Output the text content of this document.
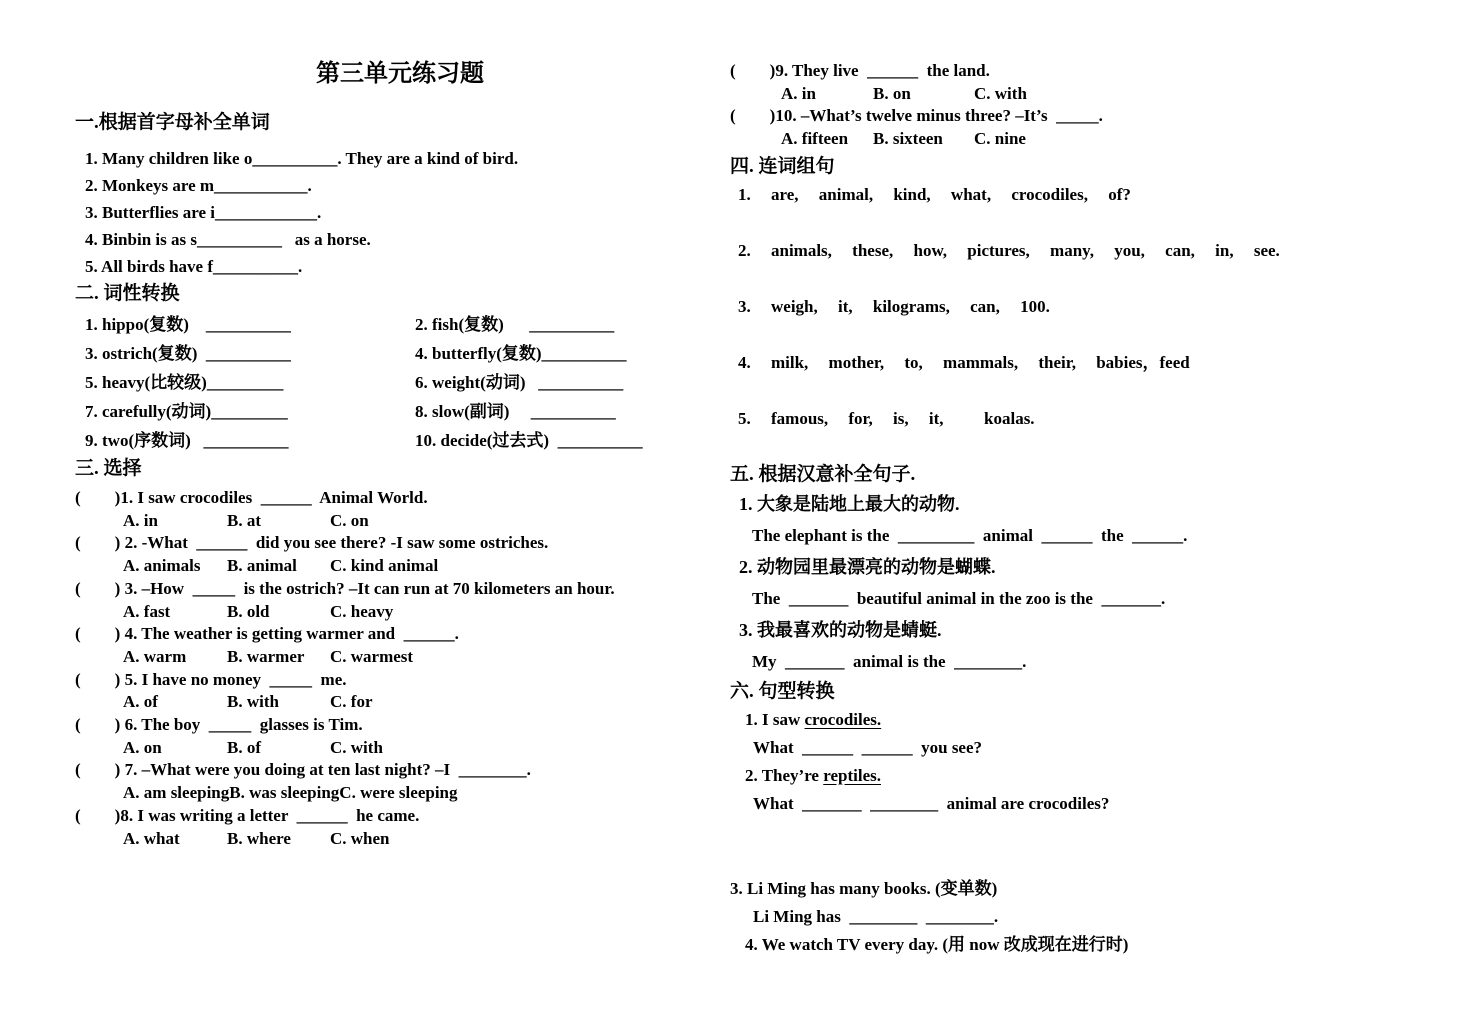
第三单元练习题
一.根据首字母补全单词
1. Many children like o__________. They are a kind of bird.
2. Monkeys are m___________.
3. Butterflies are i____________.
4. Binbin is as s__________   as a horse.
5. All birds have f__________.
二. 词性转换
1. hippo(复数)    __________	2. fish(复数)      __________
3. ostrich(复数)  __________	4. butterfly(复数)__________
5. heavy(比较级)_________	6. weight(动词)   __________
7. carefully(动词)_________	8. slow(副词)     __________
9. two(序数词)   __________	10. decide(过去式)  __________
三. 选择
(        )1. I saw crocodiles  ______  Animal World.
A. in	B. at	C. on
(        ) 2. -What  ______  did you see there? -I saw some ostriches.
A. animals	B. animal	C. kind animal
(        ) 3. –How  _____  is the ostrich? –It can run at 70 kilometers an hour.
A. fast	B. old	C. heavy
(        ) 4. The weather is getting warmer and  ______.
A. warm	B. warmer	C. warmest
(        ) 5. I have no money  _____  me.
A. of	B. with	C. for
(        ) 6. The boy  _____  glasses is Tim.
A. on	B. of	C. with
(        ) 7. –What were you doing at ten last night? –I  ________.
A. am sleeping B. was sleeping C. were sleeping
(        )8. I was writing a letter  ______  he came.
A. what	B. where	C. when
(        )9. They live  ______  the land.
A. in	B. on	C. with
(        )10. –What’s twelve minus three? –It’s  _____.
A. fifteen	B. sixteen	C. nine
四. 连词组句
1. are, animal, kind, what, crocodiles, of?
2. animals, these, how, pictures, many, you, can, in, see.
3. weigh, it, kilograms, can, 100.
4. milk, mother, to, mammals, their, babies，feed
5. famous, for, is, it,  koalas.
五. 根据汉意补全句子.
1. 大象是陆地上最大的动物.
The elephant is the  _________  animal  ______  the  ______.
2. 动物园里最漂亮的动物是蝴蝶.
The  _______  beautiful animal in the zoo is the  _______.
3. 我最喜欢的动物是蜻蜓.
My  _______  animal is the  ________.
六. 句型转换
1. I saw crocodiles.
What  ______  ______  you see?
2. They’re reptiles.
What  _______  ________  animal are crocodiles?
3. Li Ming has many books. (变单数)
Li Ming has  ________  ________.
4. We watch TV every day. (用 now 改成现在进行时)
